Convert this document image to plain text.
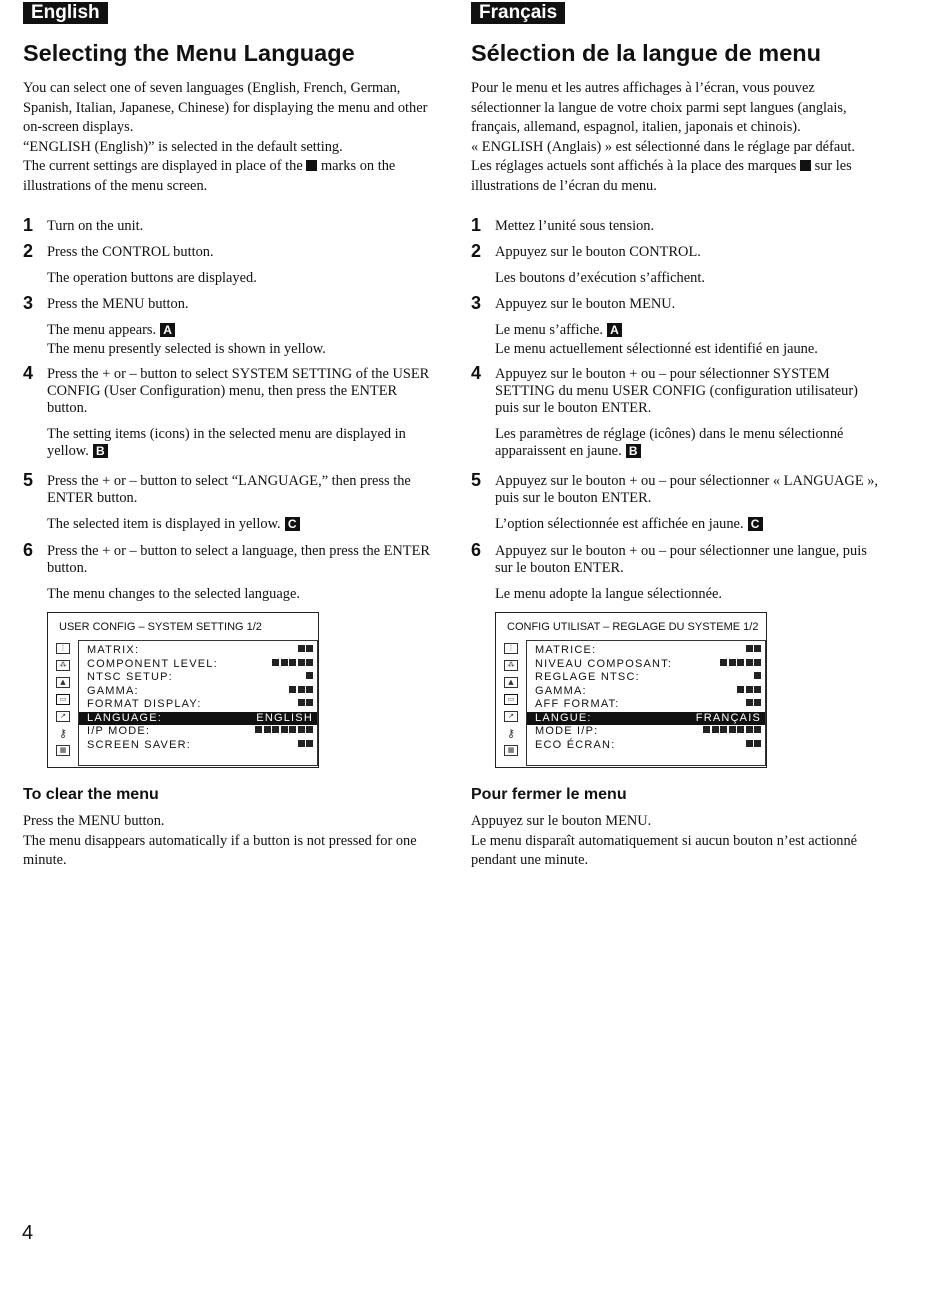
English
Selecting the Menu Language

You can select one of seven languages (English, French, German, Spanish, Italian, Japanese, Chinese) for displaying the menu and other on-screen displays.

“ENGLISH (English)” is selected in the default setting.

The current settings are displayed in place of the marks on the illustrations of the menu screen.

1 Turn on the unit.

2 Press the CONTROL button.

The operation buttons are displayed.

3 Press the MENU button.

The menu appears. A

The menu presently selected is shown in yellow.

4 Press the + or – button to select SYSTEM SETTING of the USER CONFIG (User Configuration) menu, then press the ENTER button.

The setting items (icons) in the selected menu are displayed in yellow. B

5 Press the + or – button to select “LANGUAGE,” then press the ENTER button.

The selected item is displayed in yellow. C

6 Press the + or – button to select a language, then press the ENTER button.

The menu changes to the selected language.

USER CONFIG – SYSTEM SETTING 1/2
⋮
⁂
▲
▭
↗
⚷
▦
MATRIX:
COMPONENT LEVEL:
NTSC SETUP:
GAMMA:
FORMAT DISPLAY:
LANGUAGE:	ENGLISH
I/P MODE:
SCREEN SAVER:
To clear the menu

Press the MENU button.

The menu disappears automatically if a button is not pressed for one minute.

Français
Sélection de la langue de menu

Pour le menu et les autres affichages à l’écran, vous pouvez sélectionner la langue de votre choix parmi sept langues (anglais, français, allemand, espagnol, italien, japonais et chinois).

« ENGLISH (Anglais) » est sélectionné dans le réglage par défaut.

Les réglages actuels sont affichés à la place des marques sur les illustrations de l’écran du menu.

1 Mettez l’unité sous tension.

2 Appuyez sur le bouton CONTROL.

Les boutons d’exécution s’affichent.

3 Appuyez sur le bouton MENU.

Le menu s’affiche. A

Le menu actuellement sélectionné est identifié en jaune.

4 Appuyez sur le bouton + ou – pour sélectionner SYSTEM SETTING du menu USER CONFIG (configuration utilisateur) puis sur le bouton ENTER.

Les paramètres de réglage (icônes) dans le menu sélectionné apparaissent en jaune. B

5 Appuyez sur le bouton + ou – pour sélectionner « LANGUAGE », puis sur le bouton ENTER.

L’option sélectionnée est affichée en jaune. C

6 Appuyez sur le bouton + ou – pour sélectionner une langue, puis sur le bouton ENTER.

Le menu adopte la langue sélectionnée.

CONFIG UTILISAT – REGLAGE DU SYSTEME 1/2
⋮
⁂
▲
▭
↗
⚷
▦
MATRICE:
NIVEAU COMPOSANT:
REGLAGE NTSC:
GAMMA:
AFF FORMAT:
LANGUE:	FRANÇAIS
MODE I/P:
ECO ÉCRAN:
Pour fermer le menu

Appuyez sur le bouton MENU.

Le menu disparaît automatiquement si aucun bouton n’est actionné pendant une minute.

4
